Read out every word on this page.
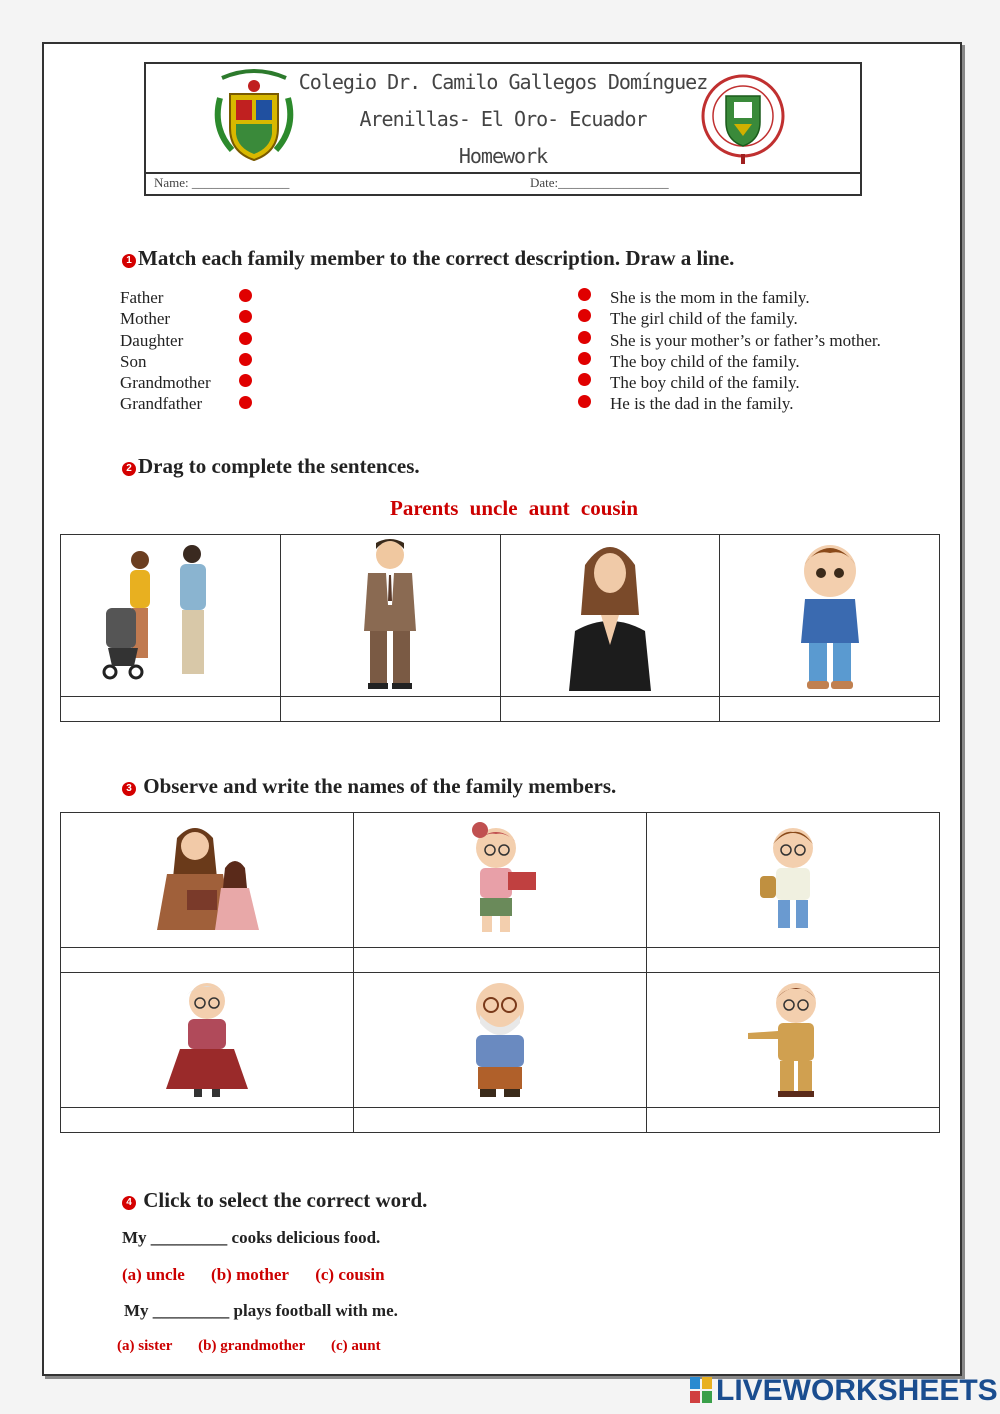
Colegio Dr. Camilo Gallegos Domínguez
Arenillas- El Oro- Ecuador
Homework
Name: _______________	Date:_________________
1 Match each family member to the correct description. Draw a line.
Father
Mother
Daughter
Son
Grandmother
Grandfather
She is the mom in the family.
The girl child of the family.
She is your mother’s or father’s mother.
The boy child of the family.
The boy child of the family.
He is the dad in the family.
2 Drag to complete the sentences.
Parents uncle aunt cousin

3 Observe and write the names of the family members.

4 Click to select the correct word.
My _________ cooks delicious food.
(a) uncle (b) mother (c) cousin
My _________ plays football with me.
(a) sister (b) grandmother (c) aunt
LIVEWORKSHEETS
